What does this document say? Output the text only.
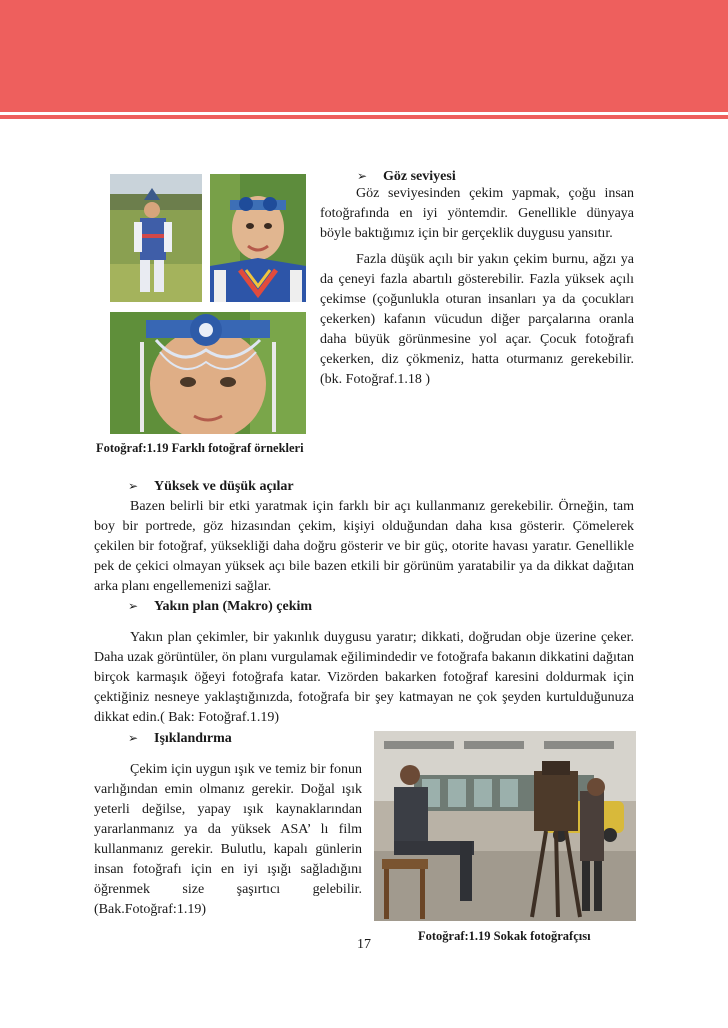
Fotoğraf:1.19 Farklı fotoğraf örnekleri
➢ Göz seviyesi

Göz seviyesinden çekim yapmak, çoğu insan fotoğrafında en iyi yöntemdir. Genellikle dünyaya böyle baktığımız için bir gerçeklik duygusu yansıtır.

Fazla düşük açılı bir yakın çekim burnu, ağzı ya da çeneyi fazla abartılı gösterebilir. Fazla yüksek açılı çekimse (çoğunlukla oturan insanları ya da çocukları çekerken) kafanın vücudun diğer parçalarına oranla daha büyük görünmesine yol açar. Çocuk fotoğrafı çekerken, diz çökmeniz, hatta oturmanız gerekebilir. (bk. Fotoğraf.1.18 )

➢ Yüksek ve düşük açılar

Bazen belirli bir etki yaratmak için farklı bir açı kullanmanız gerekebilir. Örneğin, tam boy bir portrede, göz hizasından çekim, kişiyi olduğundan daha kısa gösterir. Çömelerek çekilen bir fotoğraf, yüksekliği daha doğru gösterir ve bir güç, otorite havası yaratır. Genellikle pek de çekici olmayan yüksek açı bile bazen etkili bir görünüm yaratabilir ya da dikkat dağıtan arka planı engellemenizi sağlar.

➢ Yakın plan (Makro) çekim

Yakın plan çekimler, bir yakınlık duygusu yaratır; dikkati, doğrudan obje üzerine çeker. Daha uzak görüntüler, ön planı vurgulamak eğilimindedir ve fotoğrafa bakanın dikkatini dağıtan birçok karmaşık öğeyi fotoğrafa katar. Vizörden bakarken fotoğraf karesini doldurmak için çektiğiniz nesneye yaklaştığınızda, fotoğrafa bir şey katmayan ne çok şeyden kurtulduğunuza dikkat edin.( Bak: Fotoğraf.1.19)

➢ Işıklandırma

Çekim için uygun ışık ve temiz bir fonun varlığından emin olmanız gerekir. Doğal ışık yeterli değilse, yapay ışık kaynaklarından yararlanmanız ya da yüksek ASA’ lı film kullanmanız gerekir. Bulutlu, kapalı günlerin insan fotoğrafı için en iyi ışığı sağladığını öğrenmek size şaşırtıcı gelebilir. (Bak.Fotoğraf:1.19)

Fotoğraf:1.19 Sokak fotoğrafçısı
17
